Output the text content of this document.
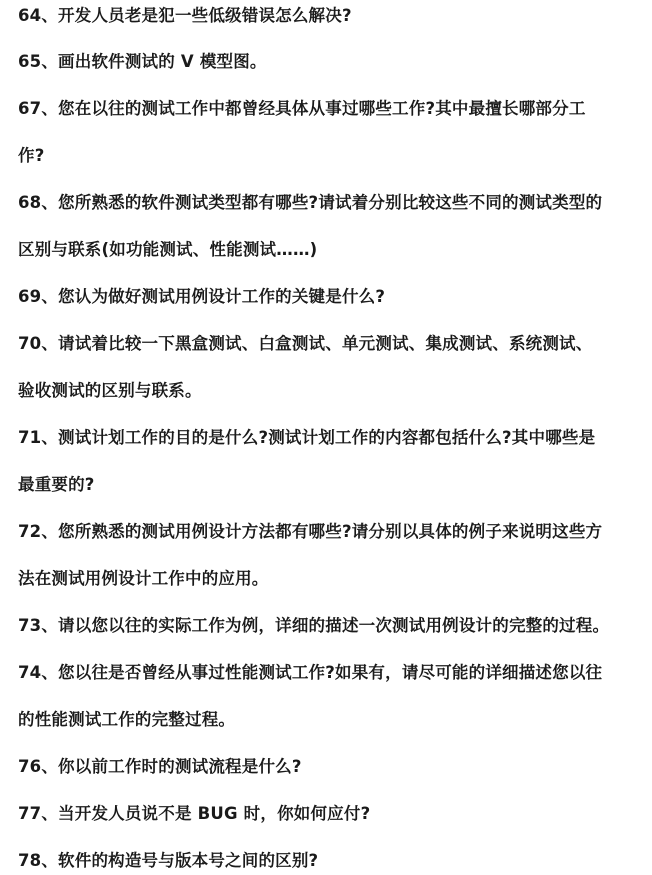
64、开发人员老是犯一些低级错误怎么解决?
65、画出软件测试的 V 模型图。
67、您在以往的测试工作中都曾经具体从事过哪些工作?其中最擅长哪部分工
作?
68、您所熟悉的软件测试类型都有哪些?请试着分别比较这些不同的测试类型的
区别与联系(如功能测试、性能测试……)
69、您认为做好测试用例设计工作的关键是什么?
70、请试着比较一下黑盒测试、白盒测试、单元测试、集成测试、系统测试、
验收测试的区别与联系。
71、测试计划工作的目的是什么?测试计划工作的内容都包括什么?其中哪些是
最重要的?
72、您所熟悉的测试用例设计方法都有哪些?请分别以具体的例子来说明这些方
法在测试用例设计工作中的应用。
73、请以您以往的实际工作为例，详细的描述一次测试用例设计的完整的过程。
74、您以往是否曾经从事过性能测试工作?如果有，请尽可能的详细描述您以往
的性能测试工作的完整过程。
76、你以前工作时的测试流程是什么?
77、当开发人员说不是 BUG 时，你如何应付?
78、软件的构造号与版本号之间的区别?
